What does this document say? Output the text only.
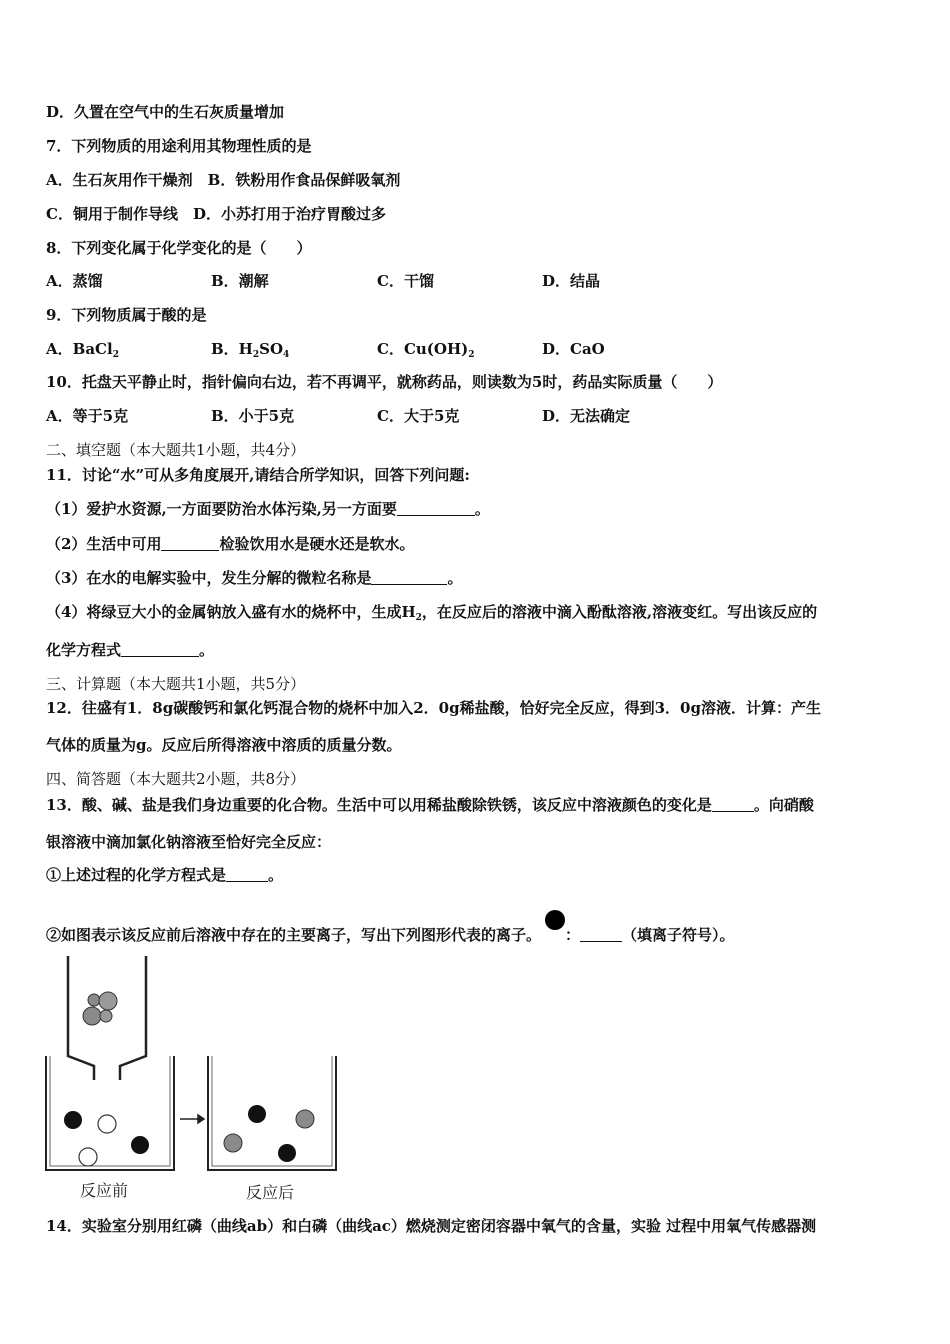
D．久置在空气中的生石灰质量增加
7．下列物质的用途利用其物理性质的是
A．生石灰用作干燥剂　B．铁粉用作食品保鲜吸氧剂
C．铜用于制作导线　D．小苏打用于治疗胃酸过多
8．下列变化属于化学变化的是（　　）
A．蒸馏	B．潮解	C．干馏	D．结晶
9．下列物质属于酸的是
A．BaCl$_2$	B．$H_2SO_4$	C．$Cu(OH)_2$	D．CaO
10．托盘天平静止时，指针偏向右边，若不再调平，就称药品，则读数为5时，药品实际质量（　　）
A．等于5克	B．小于5克	C．大于5克	D．无法确定
二、填空题（本大题共1小题，共4分）
11．讨论“水”可从多角度展开,请结合所学知识，回答下列问题:
（1）爱护水资源,一方面要防治水体污染,另一方面要	。
（2）生活中可用	检验饮用水是硬水还是软水。
（3）在水的电解实验中，发生分解的微粒名称是	。
（4）将绿豆大小的金属钠放入盛有水的烧杯中，生成$H_2$，在反应后的溶液中滴入酚酞溶液,溶液变红。写出该反应的
化学方程式	。
三、计算题（本大题共1小题，共5分）
12．往盛有1．8g碳酸钙和氯化钙混合物的烧杯中加入2．0g稀盐酸，恰好完全反应，得到3．0g溶液．计算：产生
气体的质量为g。反应后所得溶液中溶质的质量分数。
四、简答题（本大题共2小题，共8分）
13．酸、碱、盐是我们身边重要的化合物。生活中可以用稀盐酸除铁锈，该反应中溶液颜色的变化是	。向硝酸
银溶液中滴加氯化钠溶液至恰好完全反应：
①上述过程的化学方程式是	。
②如图表示该反应前后溶液中存在的主要离子，写出下列图形代表的离子。 ：	（填离子符号）。
反应前	反应后
14．实验室分别用红磷（曲线ab）和白磷（曲线ac）燃烧测定密闭容器中氧气的含量，实验 过程中用氧气传感器测
